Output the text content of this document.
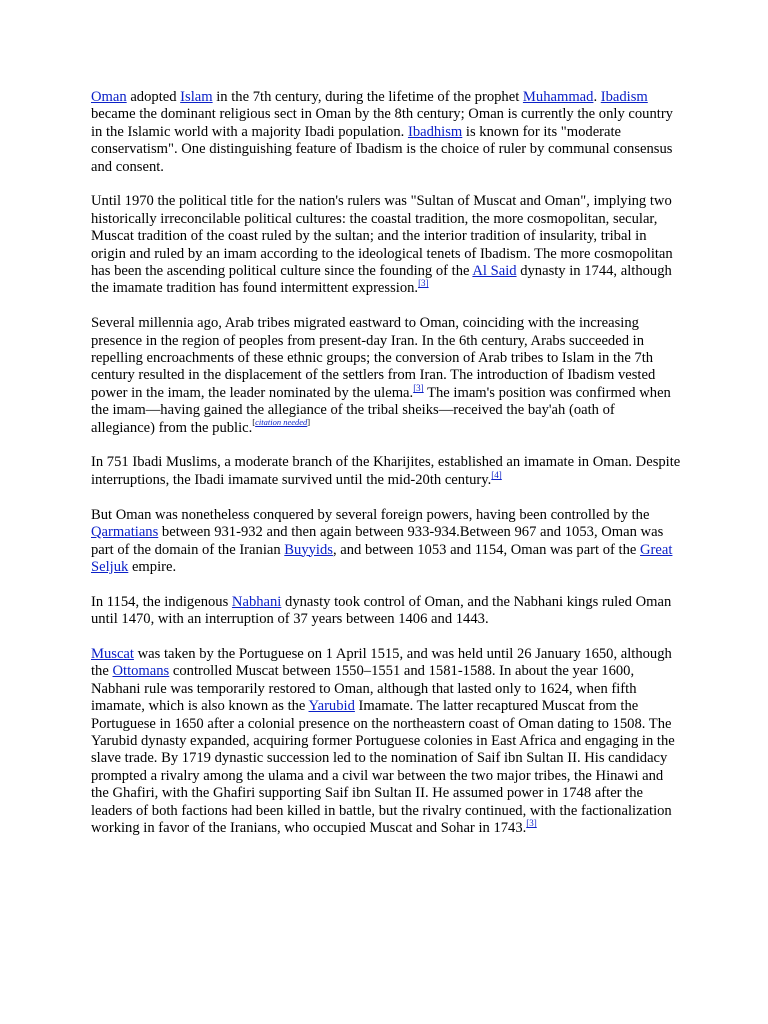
Oman adopted Islam in the 7th century, during the lifetime of the prophet Muhammad. Ibadism became the dominant religious sect in Oman by the 8th century; Oman is currently the only country in the Islamic world with a majority Ibadi population. Ibadhism is known for its "moderate conservatism". One distinguishing feature of Ibadism is the choice of ruler by communal consensus and consent.

Until 1970 the political title for the nation's rulers was "Sultan of Muscat and Oman", implying two historically irreconcilable political cultures: the coastal tradition, the more cosmopolitan, secular, Muscat tradition of the coast ruled by the sultan; and the interior tradition of insularity, tribal in origin and ruled by an imam according to the ideological tenets of Ibadism. The more cosmopolitan has been the ascending political culture since the founding of the Al Said dynasty in 1744, although the imamate tradition has found intermittent expression.[3]

Several millennia ago, Arab tribes migrated eastward to Oman, coinciding with the increasing presence in the region of peoples from present-day Iran. In the 6th century, Arabs succeeded in repelling encroachments of these ethnic groups; the conversion of Arab tribes to Islam in the 7th century resulted in the displacement of the settlers from Iran. The introduction of Ibadism vested power in the imam, the leader nominated by the ulema.[3] The imam's position was confirmed when the imam—having gained the allegiance of the tribal sheiks—received the bay'ah (oath of allegiance) from the public.[citation needed]

In 751 Ibadi Muslims, a moderate branch of the Kharijites, established an imamate in Oman. Despite interruptions, the Ibadi imamate survived until the mid-20th century.[4]

But Oman was nonetheless conquered by several foreign powers, having been controlled by the Qarmatians between 931-932 and then again between 933-934.Between 967 and 1053, Oman was part of the domain of the Iranian Buyyids, and between 1053 and 1154, Oman was part of the Great Seljuk empire.

In 1154, the indigenous Nabhani dynasty took control of Oman, and the Nabhani kings ruled Oman until 1470, with an interruption of 37 years between 1406 and 1443.

Muscat was taken by the Portuguese on 1 April 1515, and was held until 26 January 1650, although the Ottomans controlled Muscat between 1550–1551 and 1581-1588. In about the year 1600, Nabhani rule was temporarily restored to Oman, although that lasted only to 1624, when fifth imamate, which is also known as the Yarubid Imamate. The latter recaptured Muscat from the Portuguese in 1650 after a colonial presence on the northeastern coast of Oman dating to 1508. The Yarubid dynasty expanded, acquiring former Portuguese colonies in East Africa and engaging in the slave trade. By 1719 dynastic succession led to the nomination of Saif ibn Sultan II. His candidacy prompted a rivalry among the ulama and a civil war between the two major tribes, the Hinawi and the Ghafiri, with the Ghafiri supporting Saif ibn Sultan II. He assumed power in 1748 after the leaders of both factions had been killed in battle, but the rivalry continued, with the factionalization working in favor of the Iranians, who occupied Muscat and Sohar in 1743.[3]
